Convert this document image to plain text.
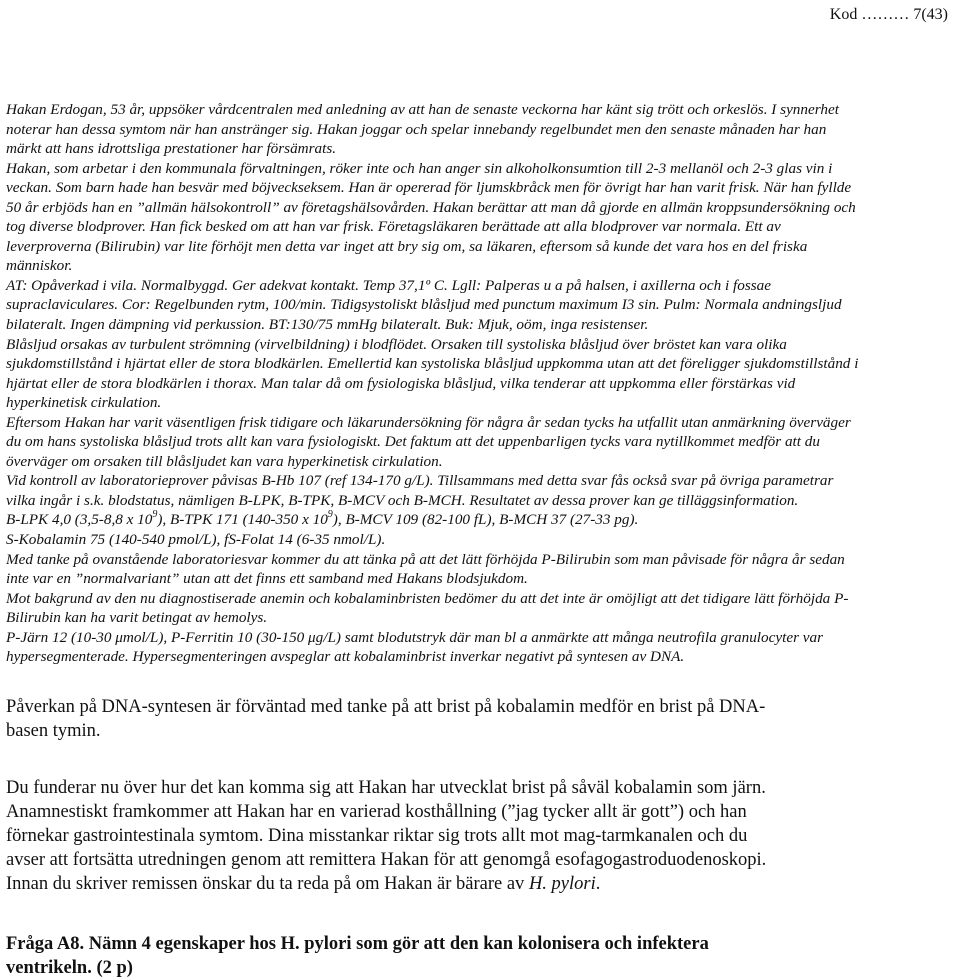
Kod ……… 7(43)

Hakan Erdogan, 53 år, uppsöker vårdcentralen med anledning av att han de senaste veckorna har känt sig trött och orkeslös. I synnerhet

noterar han dessa symtom när han anstränger sig. Hakan joggar och spelar innebandy regelbundet men den senaste månaden har han

märkt att hans idrottsliga prestationer har försämrats.

Hakan, som arbetar i den kommunala förvaltningen, röker inte och han anger sin alkoholkonsumtion till 2-3 mellanöl och 2-3 glas vin i

veckan. Som barn hade han besvär med böjveckseksem. Han är opererad för ljumskbråck men för övrigt har han varit frisk. När han fyllde

50 år erbjöds han en ”allmän hälsokontroll” av företagshälsovården. Hakan berättar att man då gjorde en allmän kroppsundersökning och

tog diverse blodprover. Han fick besked om att han var frisk. Företagsläkaren berättade att alla blodprover var normala. Ett av

leverproverna (Bilirubin) var lite förhöjt men detta var inget att bry sig om, sa läkaren, eftersom så kunde det vara hos en del friska

människor.

AT: Opåverkad i vila. Normalbyggd. Ger adekvat kontakt. Temp 37,1º C. Lgll: Palperas u a på halsen, i axillerna och i fossae

supraclaviculares. Cor: Regelbunden rytm, 100/min. Tidigsystoliskt blåsljud med punctum maximum I3 sin. Pulm: Normala andningsljud

bilateralt. Ingen dämpning vid perkussion. BT:130/75 mmHg bilateralt. Buk: Mjuk, oöm, inga resistenser.

Blåsljud orsakas av turbulent strömning (virvelbildning) i blodflödet. Orsaken till systoliska blåsljud över bröstet kan vara olika

sjukdomstillstånd i hjärtat eller de stora blodkärlen. Emellertid kan systoliska blåsljud uppkomma utan att det föreligger sjukdomstillstånd i

hjärtat eller de stora blodkärlen i thorax. Man talar då om fysiologiska blåsljud, vilka tenderar att uppkomma eller förstärkas vid

hyperkinetisk cirkulation.

Eftersom Hakan har varit väsentligen frisk tidigare och läkarundersökning för några år sedan tycks ha utfallit utan anmärkning överväger

du om hans systoliska blåsljud trots allt kan vara fysiologiskt. Det faktum att det uppenbarligen tycks vara nytillkommet medför att du

överväger om orsaken till blåsljudet kan vara hyperkinetisk cirkulation.

Vid kontroll av laboratorieprover påvisas B-Hb 107 (ref 134-170 g/L). Tillsammans med detta svar fås också svar på övriga parametrar

vilka ingår i s.k. blodstatus, nämligen B-LPK, B-TPK, B-MCV och B-MCH. Resultatet av dessa prover kan ge tilläggsinformation.

B-LPK 4,0 (3,5-8,8 x $10^9$), B-TPK 171 (140-350 x $10^9$), B-MCV 109 (82-100 fL), B-MCH 37 (27-33 pg).

S-Kobalamin 75 (140-540 pmol/L), fS-Folat 14 (6-35 nmol/L).

Med tanke på ovanstående laboratoriesvar kommer du att tänka på att det lätt förhöjda P-Bilirubin som man påvisade för några år sedan

inte var en ”normalvariant” utan att det finns ett samband med Hakans blodsjukdom.

Mot bakgrund av den nu diagnostiserade anemin och kobalaminbristen bedömer du att det inte är omöjligt att det tidigare lätt förhöjda P-

Bilirubin kan ha varit betingat av hemolys.

P-Järn 12 (10-30 μmol/L), P-Ferritin 10 (30-150 μg/L) samt blodutstryk där man bl a anmärkte att många neutrofila granulocyter var

hypersegmenterade. Hypersegmenteringen avspeglar att kobalaminbrist inverkar negativt på syntesen av DNA.

Påverkan på DNA-syntesen är förväntad med tanke på att brist på kobalamin medför en brist på DNA-

basen tymin.

Du funderar nu över hur det kan komma sig att Hakan har utvecklat brist på såväl kobalamin som järn.

Anamnestiskt framkommer att Hakan har en varierad kosthållning (”jag tycker allt är gott”) och han

förnekar gastrointestinala symtom. Dina misstankar riktar sig trots allt mot mag-tarmkanalen och du

avser att fortsätta utredningen genom att remittera Hakan för att genomgå esofagogastroduodenoskopi.

Innan du skriver remissen önskar du ta reda på om Hakan är bärare av H. pylori.

Fråga A8. Nämn 4 egenskaper hos H. pylori som gör att den kan kolonisera och infektera
ventrikeln. (2 p)
